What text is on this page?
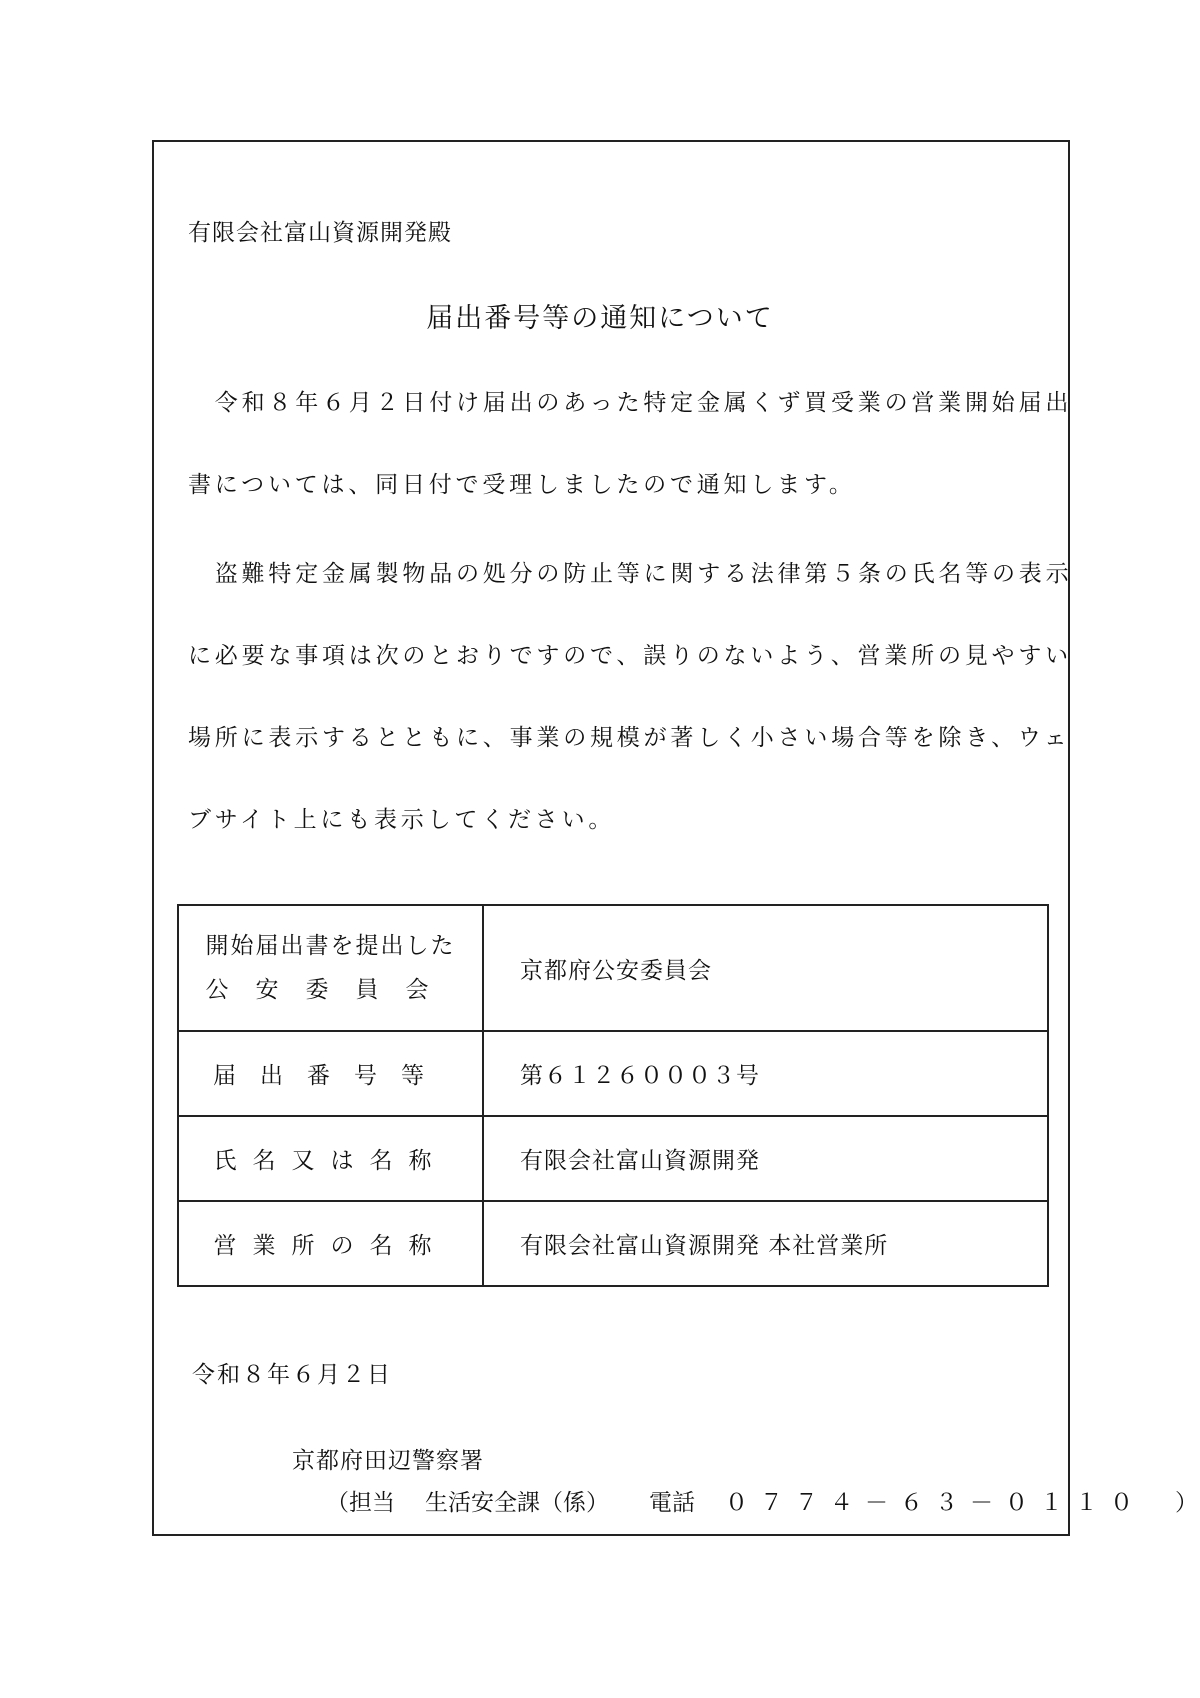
有限会社富山資源開発殿
届出番号等の通知について
　令和８年６月２日付け届出のあった特定金属くず買受業の営業開始届出
書については、同日付で受理しましたので通知します。
　盗難特定金属製物品の処分の防止等に関する法律第５条の氏名等の表示
に必要な事項は次のとおりですので、誤りのないよう、営業所の見やすい
場所に表示するとともに、事業の規模が著しく小さい場合等を除き、ウェ
ブサイト上にも表示してください。
開始届出書を提出した
公安委員会	京都府公安委員会
届出番号等	第６１２６０００３号
氏名又は名称	有限会社富山資源開発
営業所の名称	有限会社富山資源開発 本社営業所
令和８年６月２日
京都府田辺警察署
（担当 生活安全課（係） 電話 ０７７４－６３－０１１０ ）
